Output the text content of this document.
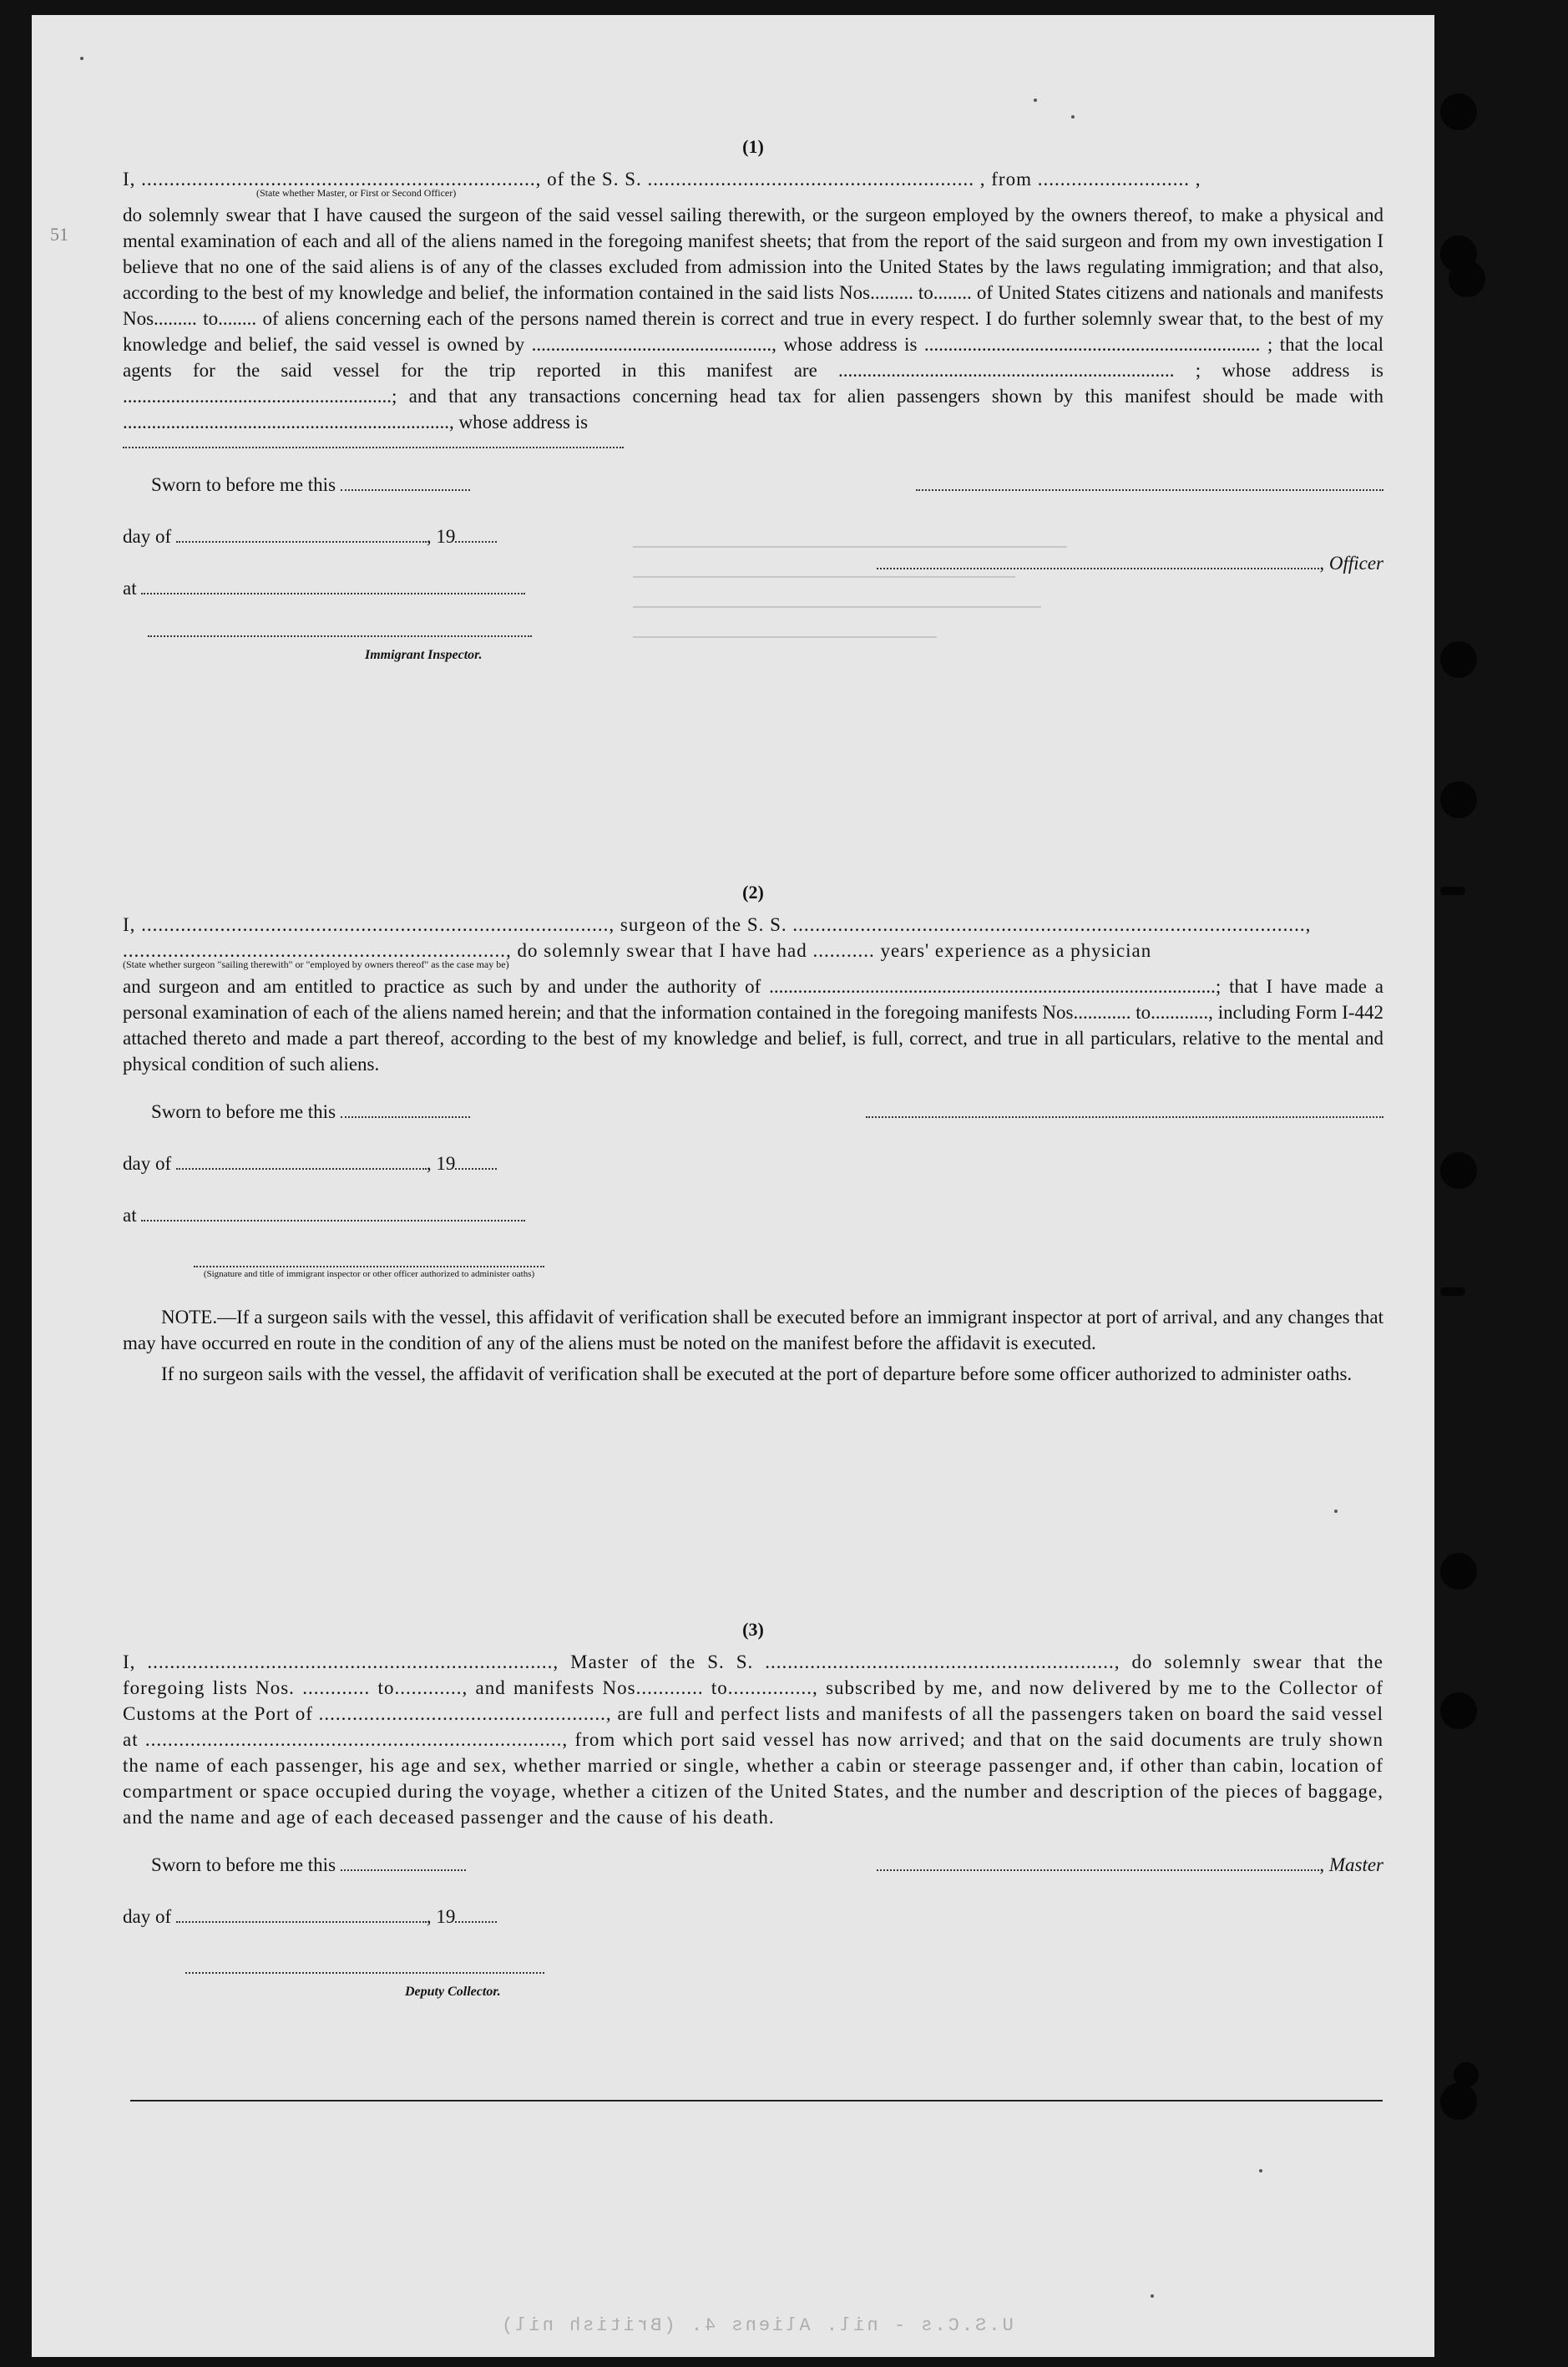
U.S.C.s - nil. Aliens 4. (British nil)
51
(1)

I, ......................................................................, of the S. S. .......................................................... , from ........................... ,

(State whether Master, or First or Second Officer)

do solemnly swear that I have caused the surgeon of the said vessel sailing therewith, or the surgeon employed by the owners thereof, to make a physical and mental examination of each and all of the aliens named in the foregoing manifest sheets; that from the report of the said surgeon and from my own investigation I believe that no one of the said aliens is of any of the classes excluded from admission into the United States by the laws regulating immigration; and that also, according to the best of my knowledge and belief, the information contained in the said lists Nos......... to........ of United States citizens and nationals and manifests Nos......... to........ of aliens concerning each of the persons named therein is correct and true in every respect. I do further solemnly swear that, to the best of my knowledge and belief, the said vessel is owned by .................................................., whose address is ...................................................................... ; that the local agents for the said vessel for the trip reported in this manifest are ...................................................................... ; whose address is ........................................................; and that any transactions concerning head tax for alien passengers shown by this manifest should be made with ...................................................................., whose address is

Sworn to before me this
day of	, 19
at
, Officer
Immigrant Inspector.
(2)

I, ..................................................................................., surgeon of the S. S. ...........................................................................................,

...................................................................., do solemnly swear that I have had ........... years' experience as a physician

(State whether surgeon "sailing therewith" or "employed by owners thereof" as the case may be)

and surgeon and am entitled to practice as such by and under the authority of .............................................................................................; that I have made a personal examination of each of the aliens named herein; and that the information contained in the foregoing manifests Nos............ to............, including Form I-442 attached thereto and made a part thereof, according to the best of my knowledge and belief, is full, correct, and true in all particulars, relative to the mental and physical condition of such aliens.

Sworn to before me this
day of	, 19
at
(Signature and title of immigrant inspector or other officer authorized to administer oaths)

NOTE.—If a surgeon sails with the vessel, this affidavit of verification shall be executed before an immigrant inspector at port of arrival, and any changes that may have occurred en route in the condition of any of the aliens must be noted on the manifest before the affidavit is executed.

If no surgeon sails with the vessel, the affidavit of verification shall be executed at the port of departure before some officer authorized to administer oaths.

(3)

I, ........................................................................, Master of the S. S. .............................................................., do solemnly swear that the foregoing lists Nos. ............ to............, and manifests Nos............ to..............., subscribed by me, and now delivered by me to the Collector of Customs at the Port of ..................................................., are full and perfect lists and manifests of all the passengers taken on board the said vessel at .........................................................................., from which port said vessel has now arrived; and that on the said documents are truly shown the name of each passenger, his age and sex, whether married or single, whether a cabin or steerage passenger and, if other than cabin, location of compartment or space occupied during the voyage, whether a citizen of the United States, and the number and description of the pieces of baggage, and the name and age of each deceased passenger and the cause of his death.

Sworn to before me this	, Master
day of	, 19
Deputy Collector.
